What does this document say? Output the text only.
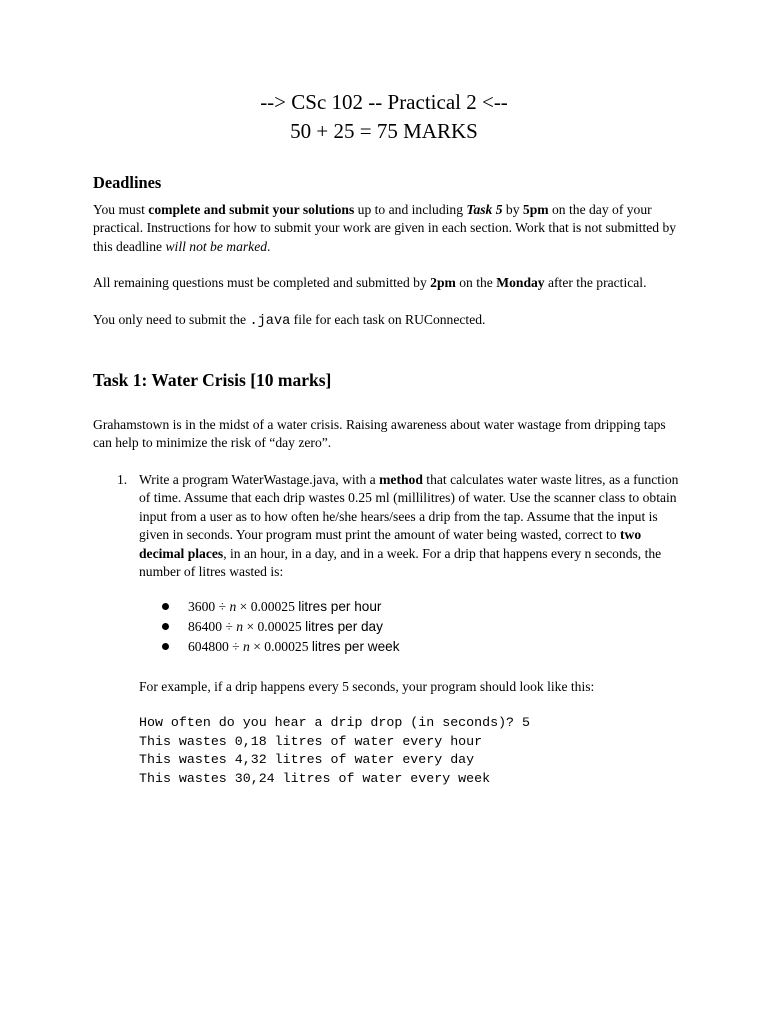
--> CSc 102 -- Practical 2 <--
50 + 25 = 75 MARKS
Deadlines
You must complete and submit your solutions up to and including Task 5 by 5pm on the day of your practical. Instructions for how to submit your work are given in each section. Work that is not submitted by this deadline will not be marked.
All remaining questions must be completed and submitted by 2pm on the Monday after the practical.
You only need to submit the .java file for each task on RUConnected.
Task 1: Water Crisis [10 marks]
Grahamstown is in the midst of a water crisis. Raising awareness about water wastage from dripping taps can help to minimize the risk of “day zero”.
1. Write a program WaterWastage.java, with a method that calculates water waste litres, as a function of time. Assume that each drip wastes 0.25 ml (millilitres) of water. Use the scanner class to obtain input from a user as to how often he/she hears/sees a drip from the tap. Assume that the input is given in seconds. Your program must print the amount of water being wasted, correct to two decimal places, in an hour, in a day, and in a week. For a drip that happens every n seconds, the number of litres wasted is:
3600 ÷ n × 0.00025 litres per hour
86400 ÷ n × 0.00025 litres per day
604800 ÷ n × 0.00025 litres per week
For example, if a drip happens every 5 seconds, your program should look like this:
How often do you hear a drip drop (in seconds)? 5
This wastes 0,18 litres of water every hour
This wastes 4,32 litres of water every day
This wastes 30,24 litres of water every week
